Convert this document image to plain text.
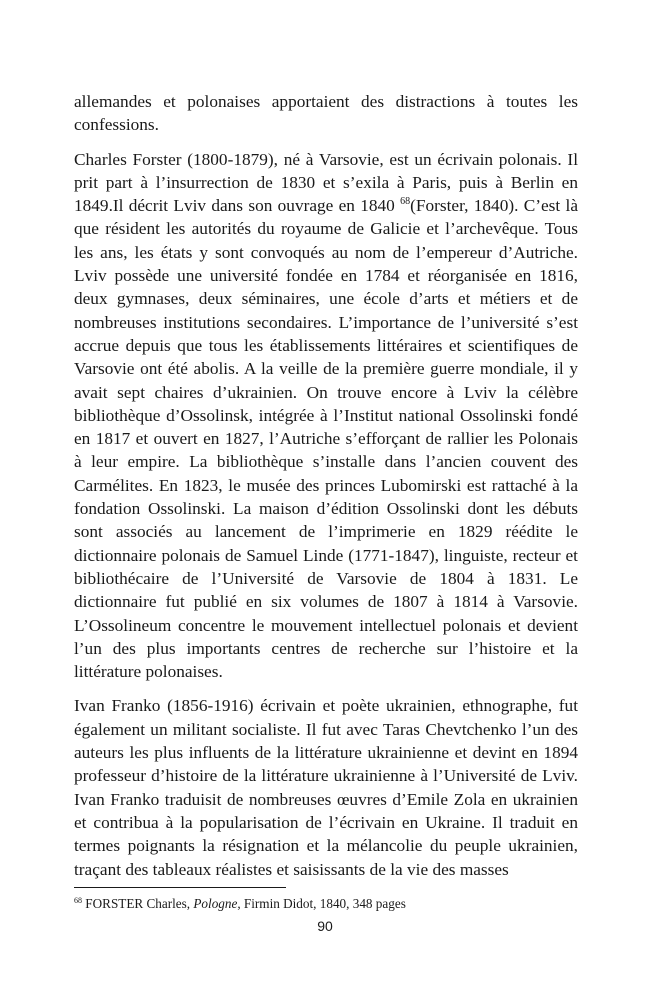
allemandes et polonaises apportaient des distractions à toutes les confessions.

Charles Forster (1800-1879), né à Varsovie, est un écrivain polonais. Il prit part à l’insurrection de 1830 et s’exila à Paris, puis à Berlin en 1849.Il décrit Lviv dans son ouvrage en 1840 $^{68}$(Forster, 1840). C’est là que résident les autorités du royaume de Galicie et l’archevêque. Tous les ans, les états y sont convoqués au nom de l’empereur d’Autriche. Lviv possède une université fondée en 1784 et réorganisée en 1816, deux gymnases, deux séminaires, une école d’arts et métiers et de nombreuses institutions secondaires. L’importance de l’université s’est accrue depuis que tous les établissements littéraires et scientifiques de Varsovie ont été abolis. A la veille de la première guerre mondiale, il y avait sept chaires d’ukrainien. On trouve encore à Lviv la célèbre bibliothèque d’Ossolinsk, intégrée à l’Institut national Ossolinski fondé en 1817 et ouvert en 1827, l’Autriche s’efforçant de rallier les Polonais à leur empire. La bibliothèque s’installe dans l’ancien couvent des Carmélites. En 1823, le musée des princes Lubomirski est rattaché à la fondation Ossolinski. La maison d’édition Ossolinski dont les débuts sont associés au lancement de l’imprimerie en 1829 réédite le dictionnaire polonais de Samuel Linde (1771-1847), linguiste, recteur et bibliothécaire de l’Université de Varsovie de 1804 à 1831. Le dictionnaire fut publié en six volumes de 1807 à 1814 à Varsovie. L’Ossolineum concentre le mouvement intellectuel polonais et devient l’un des plus importants centres de recherche sur l’histoire et la littérature polonaises.

Ivan Franko (1856-1916) écrivain et poète ukrainien, ethnographe, fut également un militant socialiste. Il fut avec Taras Chevtchenko l’un des auteurs les plus influents de la littérature ukrainienne et devint en 1894 professeur d’histoire de la littérature ukrainienne à l’Université de Lviv. Ivan Franko traduisit de nombreuses œuvres d’Emile Zola en ukrainien et contribua à la popularisation de l’écrivain en Ukraine. Il traduit en termes poignants la résignation et la mélancolie du peuple ukrainien, traçant des tableaux réalistes et saisissants de la vie des masses

$^{68}$ FORSTER Charles, Pologne, Firmin Didot, 1840, 348 pages
90
